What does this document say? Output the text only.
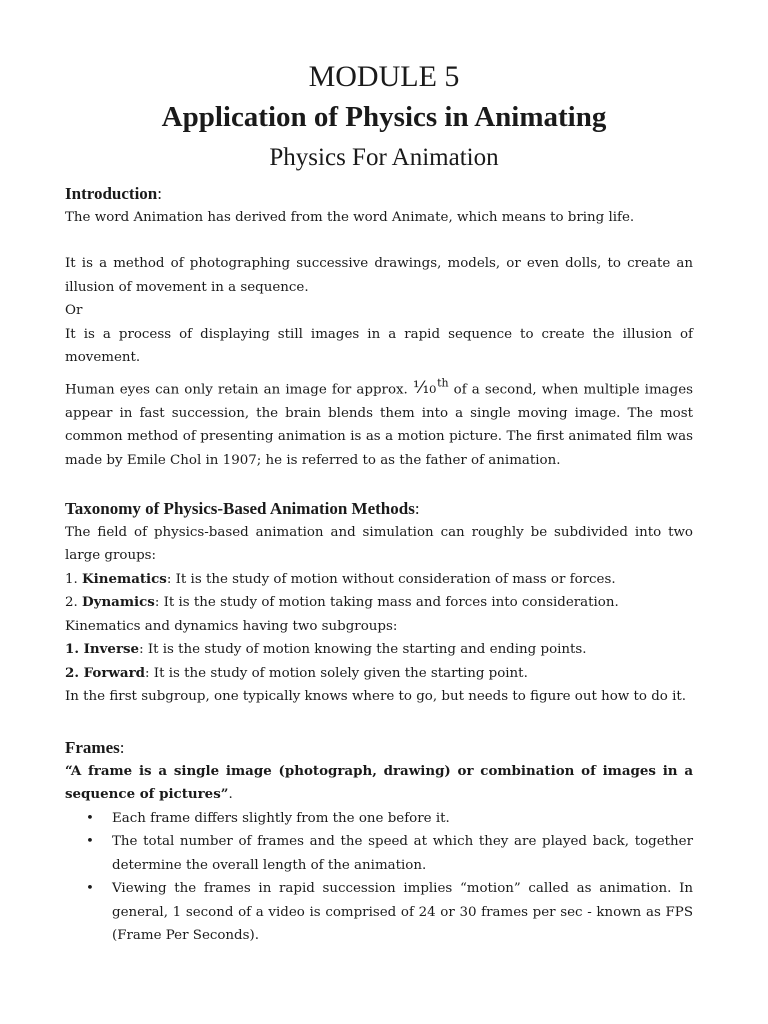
MODULE 5
Application of Physics in Animating
Physics For Animation

Introduction:

The word Animation has derived from the word Animate, which means to bring life.

It is a method of photographing successive drawings, models, or even dolls, to create an illusion of movement in a sequence.

Or

It is a process of displaying still images in a rapid sequence to create the illusion of movement.

Human eyes can only retain an image for approx. ⅒$^{th}$ of a second, when multiple images appear in fast succession, the brain blends them into a single moving image. The most common method of presenting animation is as a motion picture. The first animated film was made by Emile Chol in 1907; he is referred to as the father of animation.

Taxonomy of Physics-Based Animation Methods:

The field of physics-based animation and simulation can roughly be subdivided into two large groups:

1. Kinematics: It is the study of motion without consideration of mass or forces.

2. Dynamics: It is the study of motion taking mass and forces into consideration.

Kinematics and dynamics having two subgroups:

1. Inverse: It is the study of motion knowing the starting and ending points.

2. Forward: It is the study of motion solely given the starting point.

In the first subgroup, one typically knows where to go, but needs to figure out how to do it.

Frames:

“A frame is a single image (photograph, drawing) or combination of images in a sequence of pictures”.

• Each frame differs slightly from the one before it.
• The total number of frames and the speed at which they are played back, together determine the overall length of the animation.
• Viewing the frames in rapid succession implies “motion” called as animation. In general, 1 second of a video is comprised of 24 or 30 frames per sec - known as FPS (Frame Per Seconds).
